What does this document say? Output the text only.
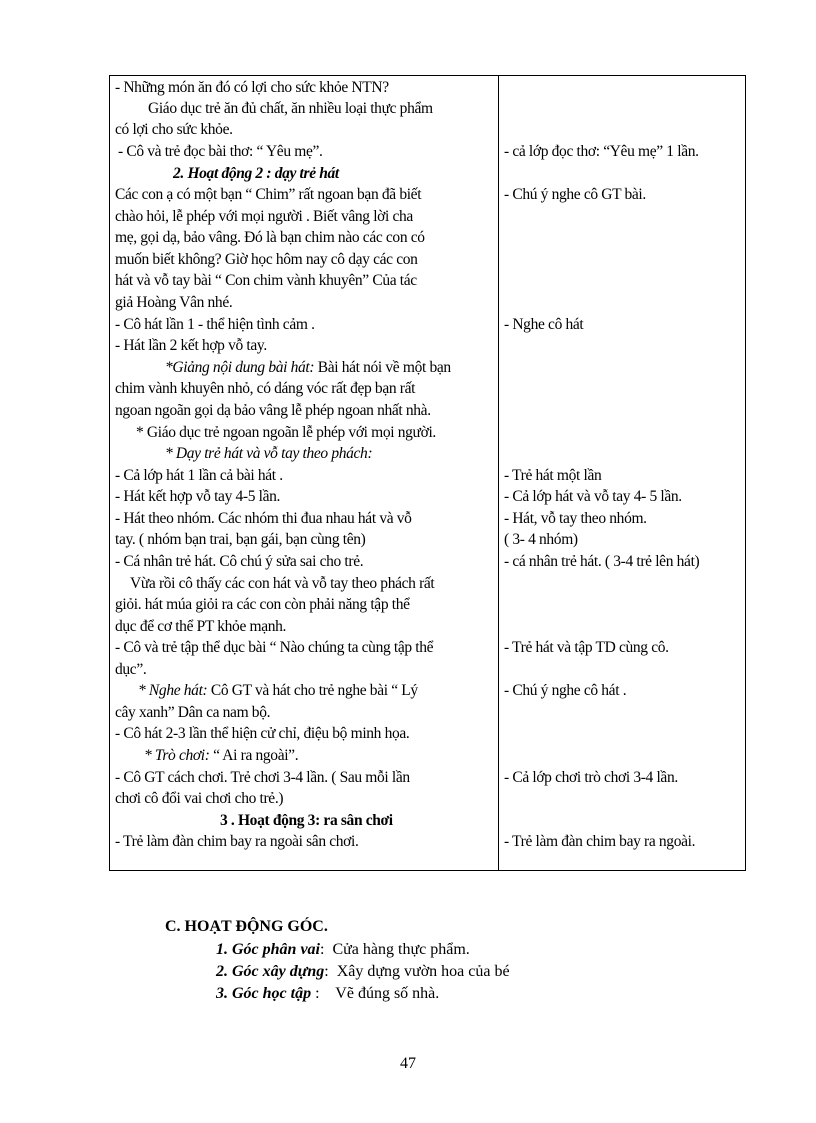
- Những món ăn đó có lợi cho sức khỏe NTN?
Giáo dục trẻ ăn đủ chất, ăn nhiều loại thực phẩm
có lợi cho sức khỏe.
- Cô và trẻ đọc bài thơ: “ Yêu mẹ”.
2. Hoạt động 2 : dạy trẻ hát
Các con ạ có một bạn “ Chim” rất ngoan bạn đã biết
chào hỏi, lễ phép với mọi người . Biết vâng lời cha
mẹ, gọi dạ, bảo vâng. Đó là bạn chim nào các con có
muốn biết không? Giờ học hôm nay cô dạy các con
hát và vỗ tay bài “ Con chim vành khuyên” Của tác
giả Hoàng Vân nhé.
- Cô hát lần 1 - thể hiện tình cảm .
- Hát lần 2 kết hợp vỗ tay.
*Giảng nội dung bài hát: Bài hát nói về một bạn
chim vành khuyên nhỏ, có dáng vóc rất đẹp bạn rất
ngoan ngoãn gọi dạ bảo vâng lễ phép ngoan nhất nhà.
* Giáo dục trẻ ngoan ngoãn lễ phép với mọi người.
* Dạy trẻ hát và vỗ tay theo phách:
- Cả lớp hát 1 lần cả bài hát .
- Hát kết hợp vỗ tay 4-5 lần.
- Hát theo nhóm. Các nhóm thi đua nhau hát và vỗ
tay. ( nhóm bạn trai, bạn gái, bạn cùng tên)
- Cá nhân trẻ hát. Cô chú ý sửa sai cho trẻ.
Vừa rồi cô thấy các con hát và vỗ tay theo phách rất
giỏi. hát múa giỏi ra các con còn phải năng tập thể
dục để cơ thể PT khỏe mạnh.
- Cô và trẻ tập thể dục bài “ Nào chúng ta cùng tập thể
dục”.
* Nghe hát: Cô GT và hát cho trẻ nghe bài “ Lý
cây xanh” Dân ca nam bộ.
- Cô hát 2-3 lần thể hiện cử chỉ, điệu bộ minh họa.
* Trò chơi: “ Ai ra ngoài”.
- Cô GT cách chơi. Trẻ chơi 3-4 lần. ( Sau mỗi lần
chơi cô đổi vai chơi cho trẻ.)
3 . Hoạt động 3: ra sân chơi
- Trẻ làm đàn chim bay ra ngoài sân chơi.
- cả lớp đọc thơ: “Yêu mẹ” 1 lần.
- Chú ý nghe cô GT bài.
- Nghe cô hát
- Trẻ hát một lần
- Cả lớp hát và vỗ tay 4- 5 lần.
- Hát, vỗ tay theo nhóm.
( 3- 4 nhóm)
- cá nhân trẻ hát. ( 3-4 trẻ lên hát)
- Trẻ hát và tập TD cùng cô.
- Chú ý nghe cô hát .
- Cả lớp chơi trò chơi 3-4 lần.
- Trẻ làm đàn chim bay ra ngoài.
C. HOẠT ĐỘNG GÓC.
1. Góc phân vai: Cửa hàng thực phẩm.
2. Góc xây dựng: Xây dựng vườn hoa của bé
3. Góc học tập : Vẽ đúng số nhà.
47
